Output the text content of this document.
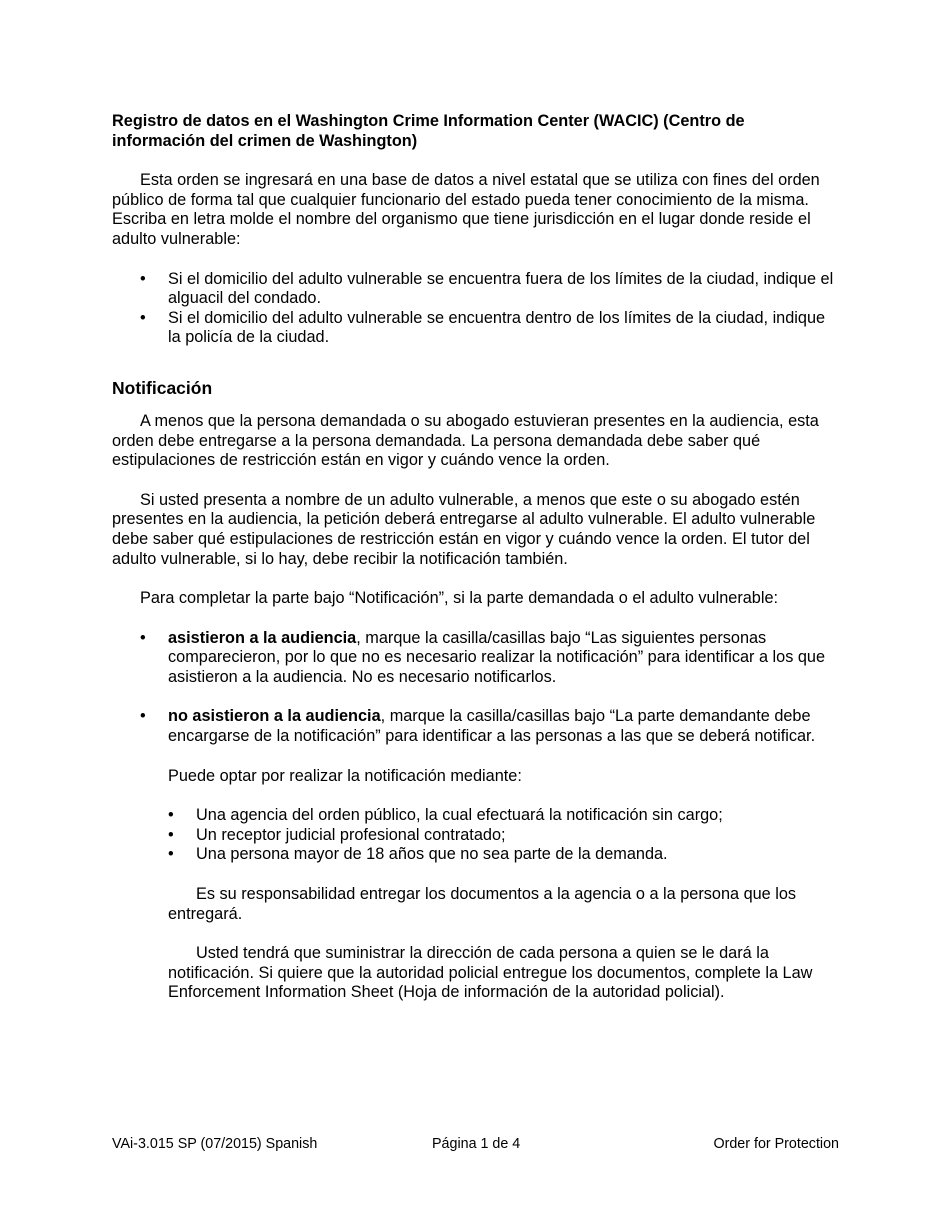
Registro de datos en el Washington Crime Information Center (WACIC) (Centro de información del crimen de Washington)

Esta orden se ingresará en una base de datos a nivel estatal que se utiliza con fines del orden público de forma tal que cualquier funcionario del estado pueda tener conocimiento de la misma. Escriba en letra molde el nombre del organismo que tiene jurisdicción en el lugar donde reside el adulto vulnerable:

• Si el domicilio del adulto vulnerable se encuentra fuera de los límites de la ciudad, indique el alguacil del condado.
• Si el domicilio del adulto vulnerable se encuentra dentro de los límites de la ciudad, indique la policía de la ciudad.
Notificación

A menos que la persona demandada o su abogado estuvieran presentes en la audiencia, esta orden debe entregarse a la persona demandada. La persona demandada debe saber qué estipulaciones de restricción están en vigor y cuándo vence la orden.

Si usted presenta a nombre de un adulto vulnerable, a menos que este o su abogado estén presentes en la audiencia, la petición deberá entregarse al adulto vulnerable. El adulto vulnerable debe saber qué estipulaciones de restricción están en vigor y cuándo vence la orden. El tutor del adulto vulnerable, si lo hay, debe recibir la notificación también.

Para completar la parte bajo “Notificación”, si la parte demandada o el adulto vulnerable:

• asistieron a la audiencia, marque la casilla/casillas bajo “Las siguientes personas comparecieron, por lo que no es necesario realizar la notificación” para identificar a los que asistieron a la audiencia. No es necesario notificarlos.
• no asistieron a la audiencia, marque la casilla/casillas bajo “La parte demandante debe encargarse de la notificación” para identificar a las personas a las que se deberá notificar.

Puede optar por realizar la notificación mediante:

• Una agencia del orden público, la cual efectuará la notificación sin cargo;
• Un receptor judicial profesional contratado;
• Una persona mayor de 18 años que no sea parte de la demanda.

Es su responsabilidad entregar los documentos a la agencia o a la persona que los entregará.

Usted tendrá que suministrar la dirección de cada persona a quien se le dará la notificación. Si quiere que la autoridad policial entregue los documentos, complete la Law Enforcement Information Sheet (Hoja de información de la autoridad policial).

VAi-3.015 SP (07/2015) Spanish	Página 1 de 4	Order for Protection
